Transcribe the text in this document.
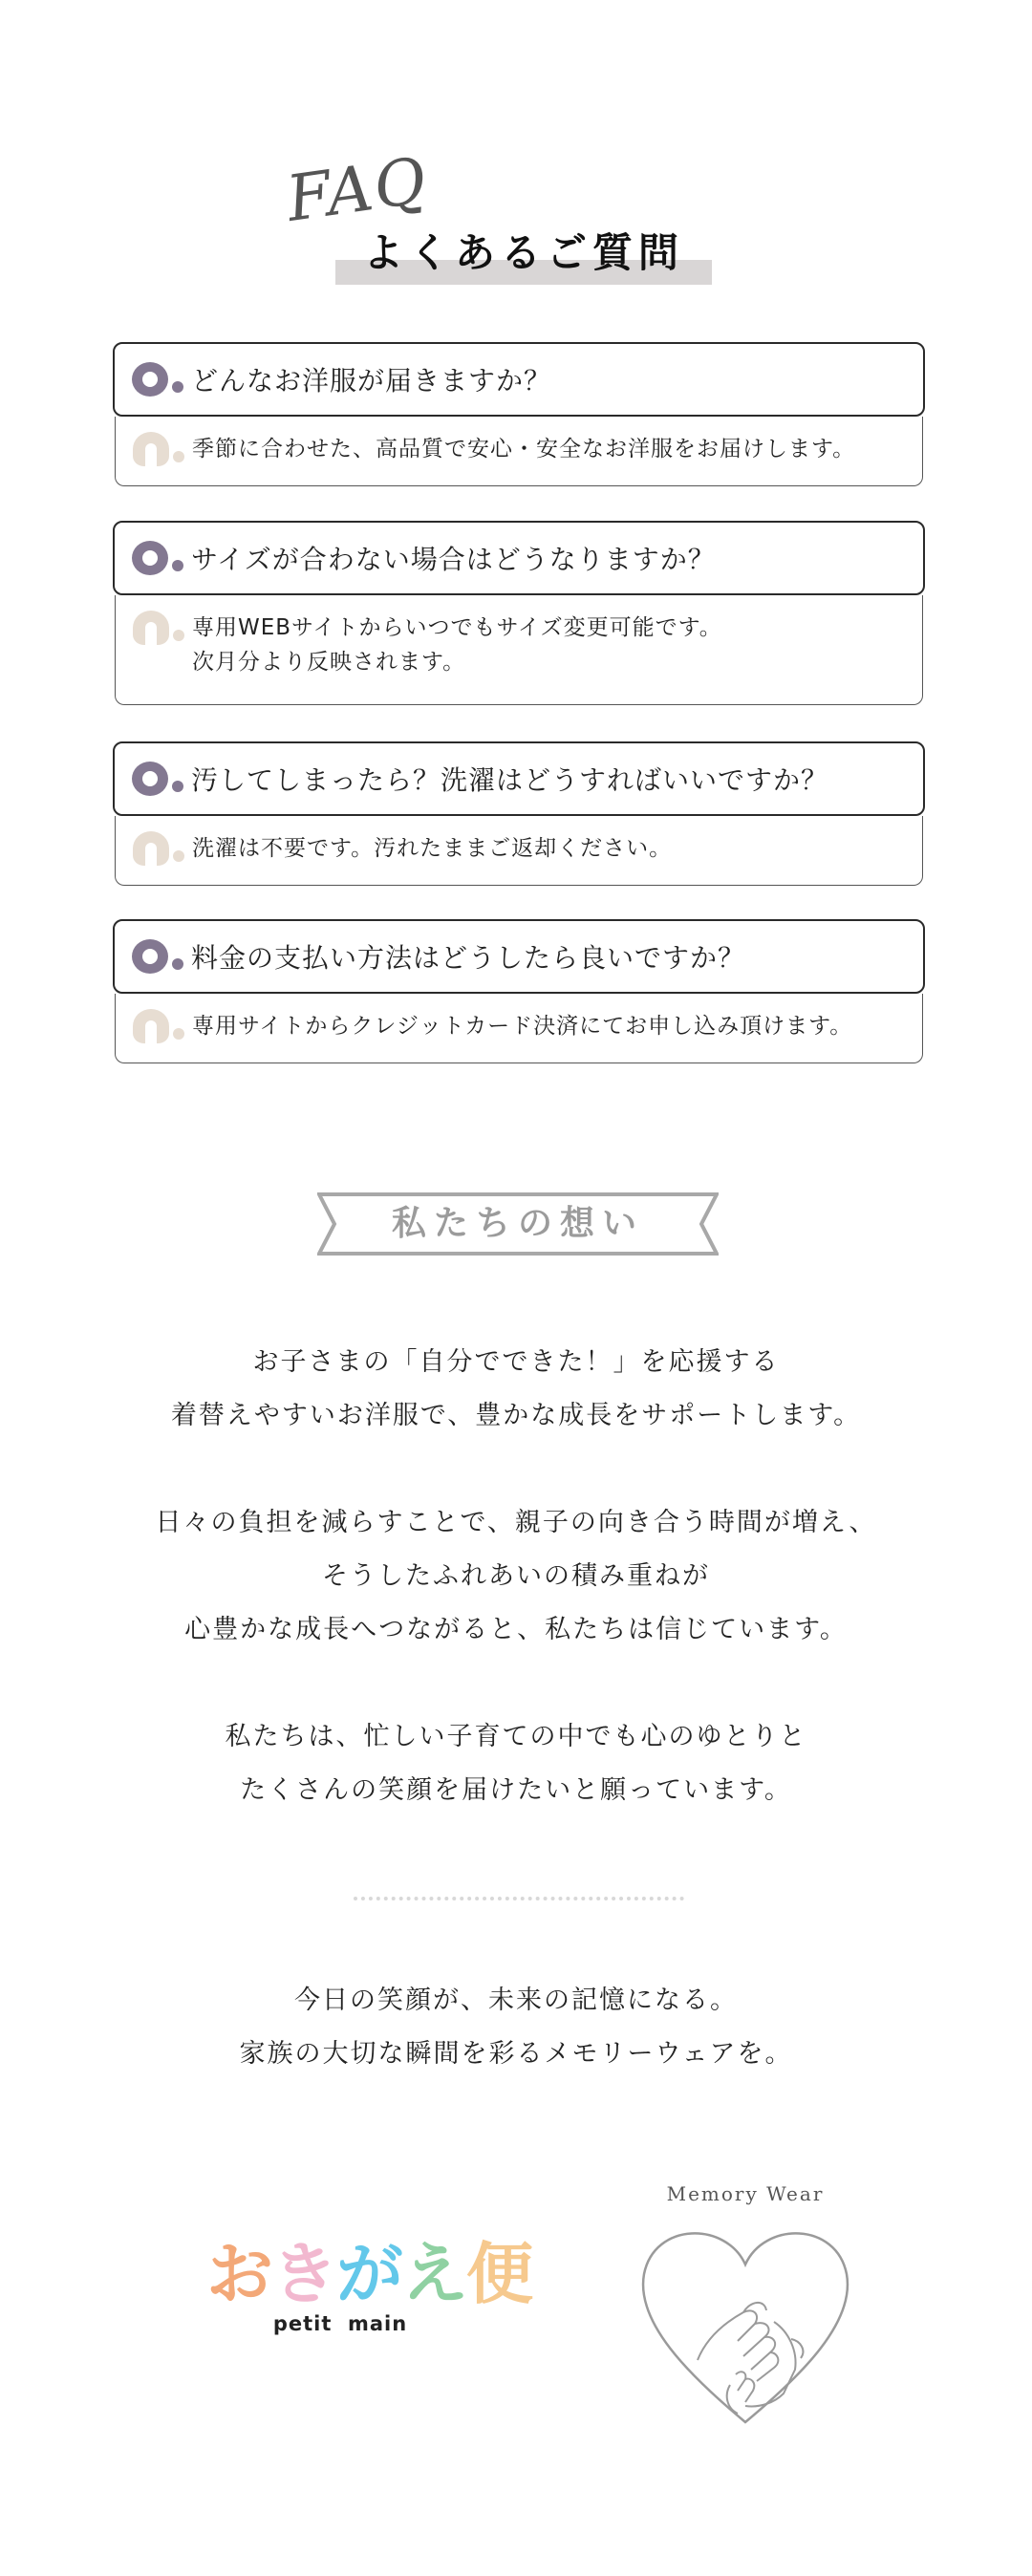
FAQ
よくあるご質問
どんなお洋服が届きますか？
季節に合わせた、高品質で安心・安全なお洋服をお届けします。
サイズが合わない場合はどうなりますか？
専用WEBサイトからいつでもサイズ変更可能です。
次月分より反映されます。
汚してしまったら？洗濯はどうすればいいですか？
洗濯は不要です。汚れたままご返却ください。
料金の支払い方法はどうしたら良いですか？
専用サイトからクレジットカード決済にてお申し込み頂けます。
私たちの想い
お子さまの「自分でできた！」を応援する
着替えやすいお洋服で、豊かな成長をサポートします。
日々の負担を減らすことで、親子の向き合う時間が増え、
そうしたふれあいの積み重ねが
心豊かな成長へつながると、私たちは信じています。
私たちは、忙しい子育ての中でも心のゆとりと
たくさんの笑顔を届けたいと願っています。
今日の笑顔が、未来の記憶になる。
家族の大切な瞬間を彩るメモリーウェアを。
おきがえ便
petit  main
Memory Wear
